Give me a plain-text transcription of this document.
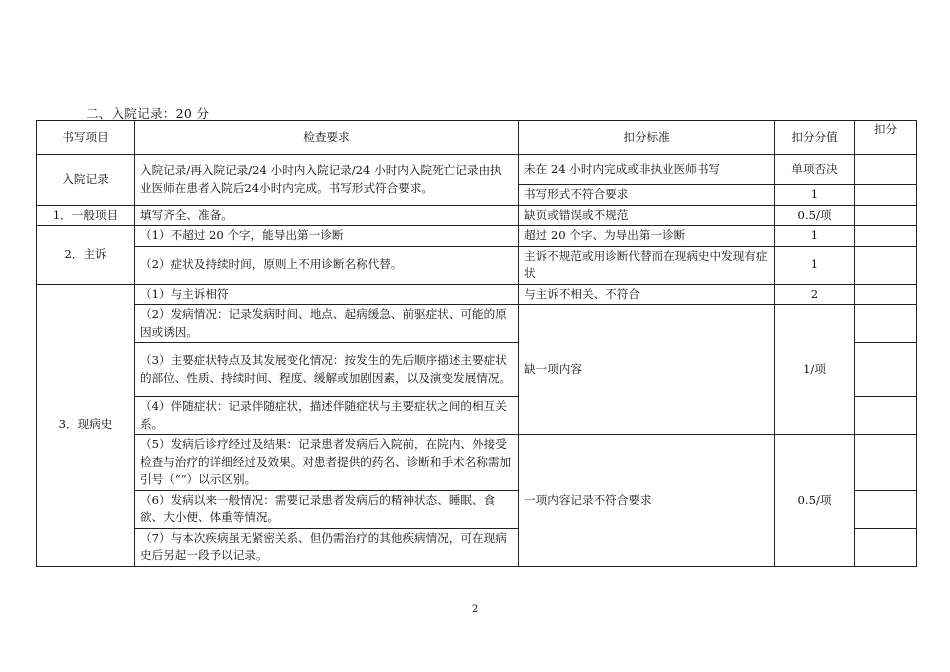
二、入院记录：20 分
书写项目	检查要求	扣分标准	扣分分值	扣分
入院记录	入院记录/再入院记录/24 小时内入院记录/24 小时内入院死亡记录由执业医师在患者入院后24小时内完成。书写形式符合要求。	未在 24 小时内完成或非执业医师书写	单项否决	
		书写形式不符合要求	1	
1．一般项目	填写齐全、准备。	缺页或错误或不规范	0.5/项	
2．主诉	（1）不超过 20 个字，能导出第一诊断	超过 20 个字、为导出第一诊断	1	
	（2）症状及持续时间，原则上不用诊断名称代替。	主诉不规范或用诊断代替而在现病史中发现有症状	1	
3．现病史	（1）与主诉相符	与主诉不相关、不符合	2	
	（2）发病情况：记录发病时间、地点、起病缓急、前驱症状、可能的原因或诱因。	缺一项内容	1/项	
	（3）主要症状特点及其发展变化情况：按发生的先后顺序描述主要症状的部位、性质、持续时间、程度、缓解或加剧因素，以及演变发展情况。			
	（4）伴随症状：记录伴随症状，描述伴随症状与主要症状之间的相互关系。			
	（5）发病后诊疗经过及结果：记录患者发病后入院前，在院内、外接受检查与治疗的详细经过及效果。对患者提供的药名、诊断和手术名称需加引号（“”）以示区别。	一项内容记录不符合要求	0.5/项	
	（6）发病以来一般情况：需要记录患者发病后的精神状态、睡眠、食欲、大小便、体重等情况。			
	（7）与本次疾病虽无紧密关系、但仍需治疗的其他疾病情况，可在现病史后另起一段予以记录。			
2
